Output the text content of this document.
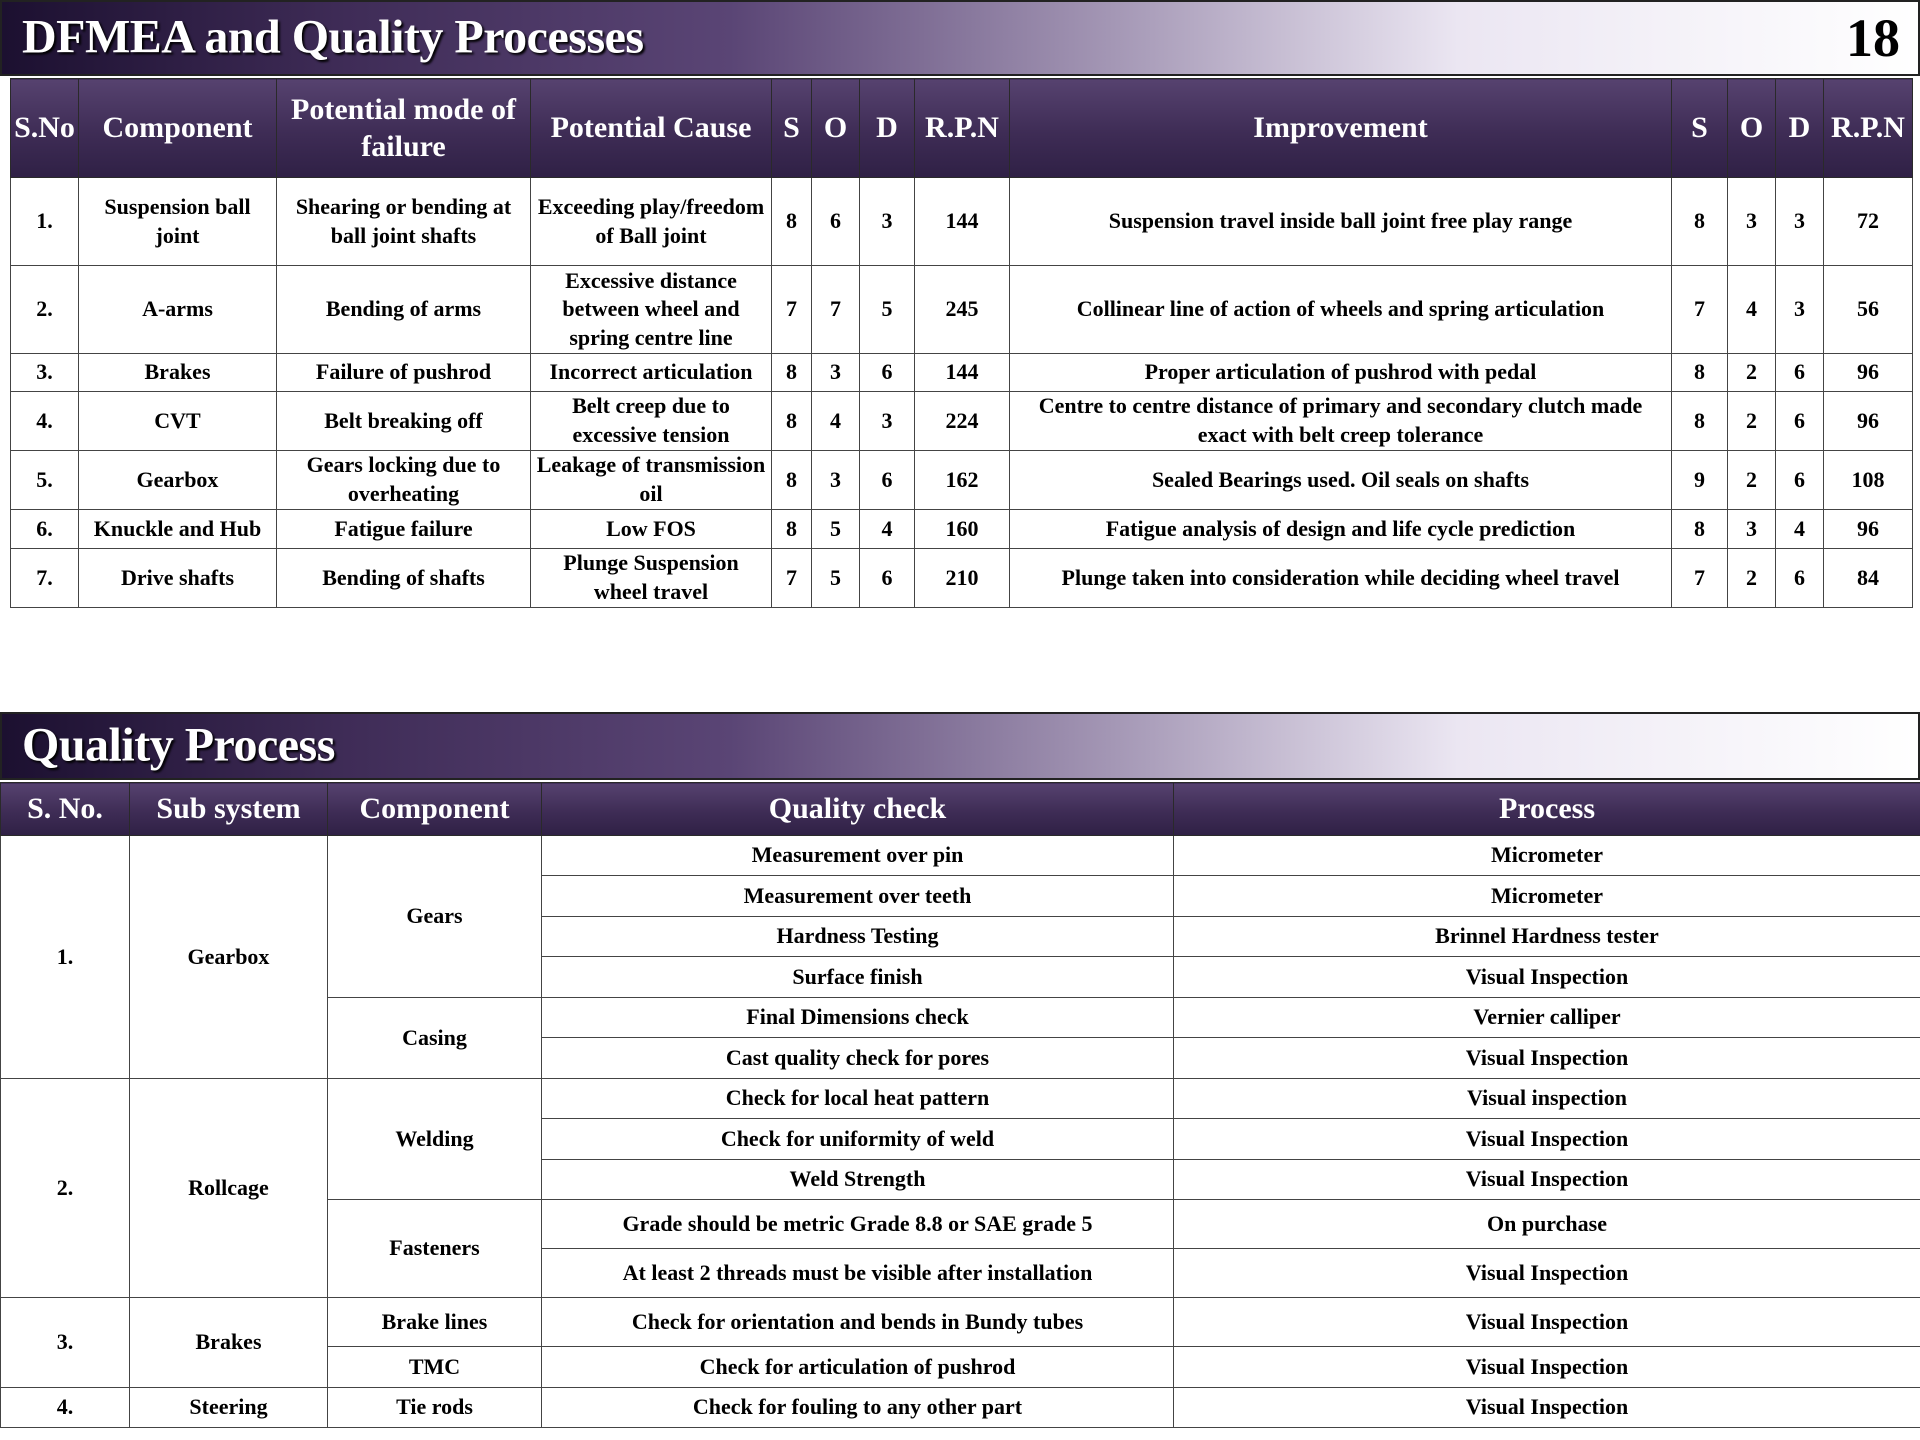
DFMEA and Quality Processes	18
S.No	Component	Potential mode of failure	Potential Cause	S	O	D	R.P.N	Improvement	S	O	D	R.P.N
1.	Suspension ball joint	Shearing or bending at ball joint shafts	Exceeding play/freedom of Ball joint	8	6	3	144	Suspension travel inside ball joint free play range	8	3	3	72
2.	A-arms	Bending of arms	Excessive distance between wheel and spring centre line	7	7	5	245	Collinear line of action of wheels and spring articulation	7	4	3	56
3.	Brakes	Failure of pushrod	Incorrect articulation	8	3	6	144	Proper articulation of pushrod with pedal	8	2	6	96
4.	CVT	Belt breaking off	Belt creep due to excessive tension	8	4	3	224	Centre to centre distance of primary and secondary clutch made exact with belt creep tolerance	8	2	6	96
5.	Gearbox	Gears locking due to overheating	Leakage of transmission oil	8	3	6	162	Sealed Bearings used. Oil seals on shafts	9	2	6	108
6.	Knuckle and Hub	Fatigue failure	Low FOS	8	5	4	160	Fatigue analysis of design and life cycle prediction	8	3	4	96
7.	Drive shafts	Bending of shafts	Plunge Suspension wheel travel	7	5	6	210	Plunge taken into consideration while deciding wheel travel	7	2	6	84
Quality Process
S. No.	Sub system	Component	Quality check	Process
1.	Gearbox	Gears	Measurement over pin	Micrometer
			Measurement over teeth	Micrometer
			Hardness Testing	Brinnel Hardness tester
			Surface finish	Visual Inspection
		Casing	Final Dimensions check	Vernier calliper
			Cast quality check for pores	Visual Inspection
2.	Rollcage	Welding	Check for local heat pattern	Visual inspection
			Check for uniformity of weld	Visual Inspection
			Weld Strength	Visual Inspection
		Fasteners	Grade should be metric Grade 8.8 or SAE grade 5	On purchase
			At least 2 threads must be visible after installation	Visual Inspection
3.	Brakes	Brake lines	Check for orientation and bends in Bundy tubes	Visual Inspection
		TMC	Check for articulation of pushrod	Visual Inspection
4.	Steering	Tie rods	Check for fouling to any other part	Visual Inspection
